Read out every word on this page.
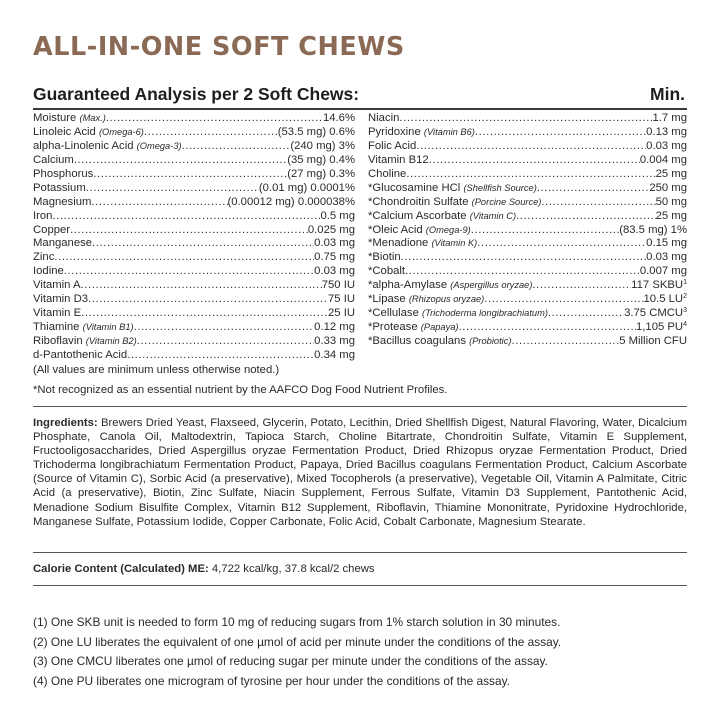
ALL-IN-ONE SOFT CHEWS
Guaranteed Analysis per 2 Soft Chews:	Min.
Moisture (Max.) .....	14.6%
Linoleic Acid (Omega-6) .....	(53.5 mg) 0.6%
alpha-Linolenic Acid (Omega-3) .....	(240 mg) 3%
Calcium .....	(35 mg) 0.4%
Phosphorus .....	(27 mg) 0.3%
Potassium .....	(0.01 mg) 0.0001%
Magnesium .....	(0.00012 mg) 0.000038%
Iron .....	0.5 mg
Copper .....	0.025 mg
Manganese .....	0.03 mg
Zinc .....	0.75 mg
Iodine .....	0.03 mg
Vitamin A .....	750 IU
Vitamin D3 .....	75 IU
Vitamin E .....	25 IU
Thiamine (Vitamin B1) .....	0.12 mg
Riboflavin (Vitamin B2) .....	0.33 mg
d-Pantothenic Acid .....	0.34 mg
Niacin .....	1.7 mg
Pyridoxine (Vitamin B6) .....	0.13 mg
Folic Acid .....	0.03 mg
Vitamin B12 .....	0.004 mg
Choline .....	25 mg
*Glucosamine HCl (Shellfish Source) .....	250 mg
*Chondroitin Sulfate (Porcine Source) .....	50 mg
*Calcium Ascorbate (Vitamin C) .....	25 mg
*Oleic Acid (Omega-9) .....	(83.5 mg) 1%
*Menadione (Vitamin K) .....	0.15 mg
*Biotin .....	0.03 mg
*Cobalt .....	0.007 mg
*alpha-Amylase (Aspergillus oryzae) .....	117 SKBU$^1$
*Lipase (Rhizopus oryzae) .....	10.5 $LU^2$
*Cellulase (Trichoderma longibrachiatum) .....	3.75 CMCU$^3$
*Protease (Papaya) .....	1,105 $PU^4$
*Bacillus coagulans (Probiotic) .....	5 Million CFU
(All values are minimum unless otherwise noted.)
*Not recognized as an essential nutrient by the AAFCO Dog Food Nutrient Profiles.

Ingredients: Brewers Dried Yeast, Flaxseed, Glycerin, Potato, Lecithin, Dried Shellfish Digest, Natural Flavoring, Water, Dicalcium Phosphate, Canola Oil, Maltodextrin, Tapioca Starch, Choline Bitartrate, Chondroitin Sulfate, Vitamin E Supplement, Fructooligosaccharides, Dried Aspergillus oryzae Fermentation Product, Dried Rhizopus oryzae Fermentation Product, Dried Trichoderma longibrachiatum Fermentation Product, Papaya, Dried Bacillus coagulans Fermentation Product, Calcium Ascorbate (Source of Vitamin C), Sorbic Acid (a preservative), Mixed Tocopherols (a preservative), Vegetable Oil, Vitamin A Palmitate, Citric Acid (a preservative), Biotin, Zinc Sulfate, Niacin Supplement, Ferrous Sulfate, Vitamin D3 Supplement, Pantothenic Acid, Menadione Sodium Bisulfite Complex, Vitamin B12 Supplement, Riboflavin, Thiamine Mononitrate, Pyridoxine Hydrochloride, Manganese Sulfate, Potassium Iodide, Copper Carbonate, Folic Acid, Cobalt Carbonate, Magnesium Stearate.

Calorie Content (Calculated) ME: 4,722 kcal/kg, 37.8 kcal/2 chews
(1) One SKB unit is needed to form 10 mg of reducing sugars from 1% starch solution in 30 minutes.
(2) One LU liberates the equivalent of one µmol of acid per minute under the conditions of the assay.
(3) One CMCU liberates one µmol of reducing sugar per minute under the conditions of the assay.
(4) One PU liberates one microgram of tyrosine per hour under the conditions of the assay.
